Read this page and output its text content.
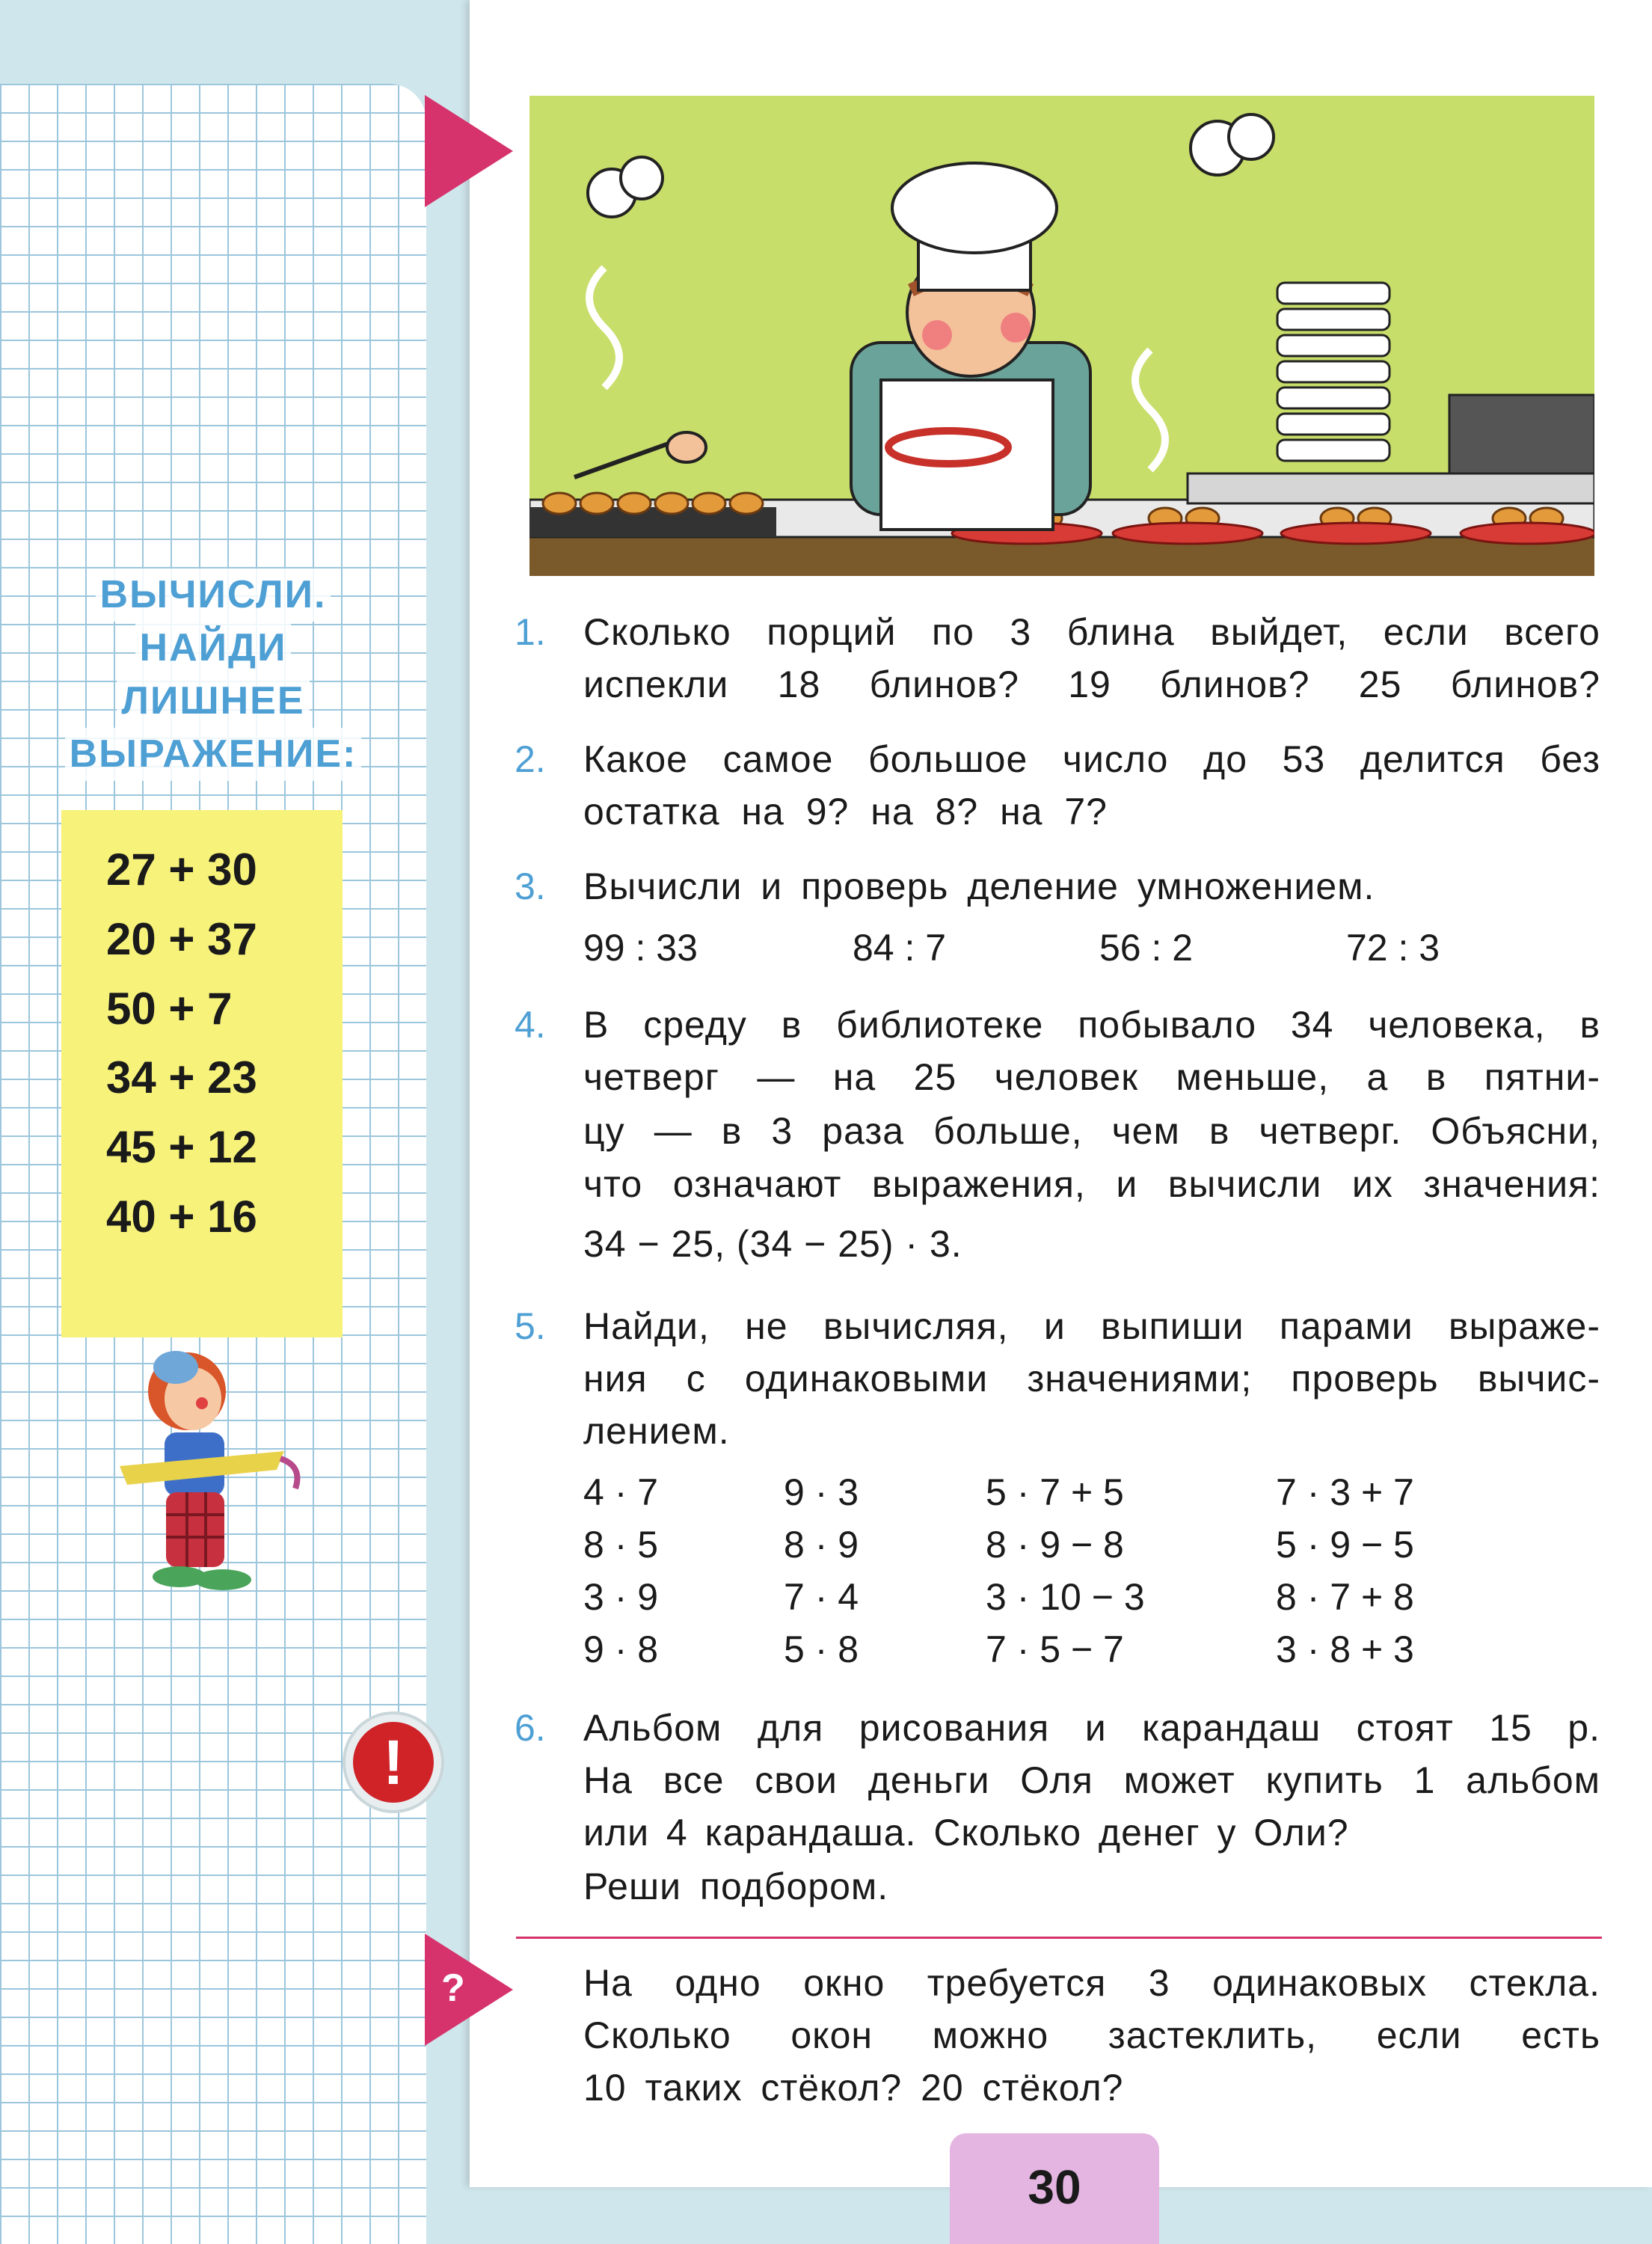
ВЫЧИСЛИ.
НАЙДИ
ЛИШНЕЕ
ВЫРАЖЕНИЕ:
27 + 30
20 + 37
50 + 7
34 + 23
45 + 12
40 + 16
1.	Сколько порций по 3 блина выйдет, если всего
испекли 18 блинов? 19 блинов? 25 блинов?
2.	Какое самое большое число до 53 делится без
остатка на 9? на 8? на 7?
3.	Вычисли и проверь деление умножением.
99 : 33	84 : 7	56 : 2	72 : 3
4.	В среду в библиотеке побывало 34 человека, в
четверг — на 25 человек меньше, а в пятни-
цу — в 3 раза больше, чем в четверг. Объясни,
что означают выражения, и вычисли их значения:
34 − 25, (34 − 25) · 3.
5.	Найди, не вычисляя, и выпиши парами выраже-
ния с одинаковыми значениями; проверь вычис-
лением.
4 · 7	9 · 3	5 · 7 + 5	7 · 3 + 7
8 · 5	8 · 9	8 · 9 − 8	5 · 9 − 5
3 · 9	7 · 4	3 · 10 − 3	8 · 7 + 8
9 · 8	5 · 8	7 · 5 − 7	3 · 8 + 3
!	6.	Альбом для рисования и карандаш стоят 15 р.
На все свои деньги Оля может купить 1 альбом
или 4 карандаша. Сколько денег у Оли?
Реши подбором.
?	На одно окно требуется 3 одинаковых стекла.
Сколько окон можно застеклить, если есть
10 таких стёкол? 20 стёкол?
30
